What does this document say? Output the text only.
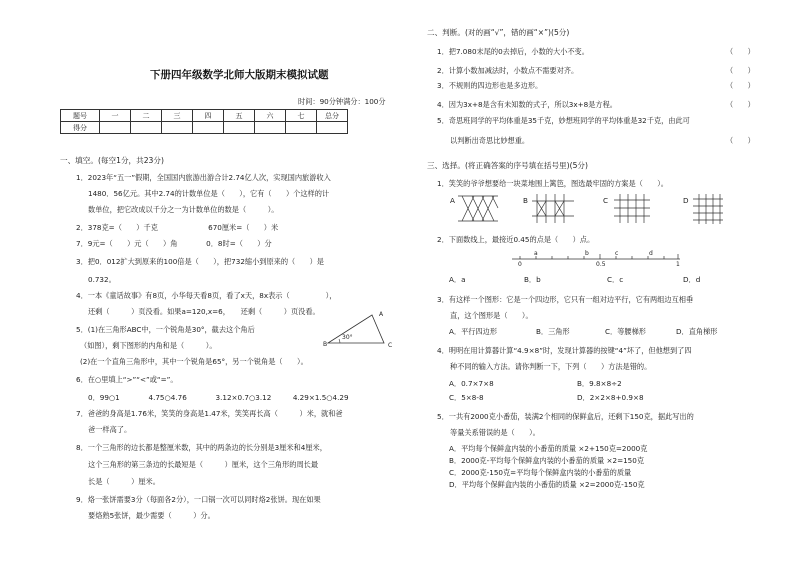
下册四年级数学北师大版期末模拟试题
时间：90分钟满分：100分
题号	一	二	三	四	五	六	七	总分
得分								
一、填空。(每空1分，共23分)
1．2023年“五一”假期，全国国内旅游出游合计2.74亿人次，实现国内旅游收入
1480．56亿元。其中2.74的计数单位是（　　），它有（　　）个这样的计
数单位，把它改成以千分之一为计数单位的数是（　　　）。
2．378克=（　　）千克　　　　　　　670厘米=（　　）米
7．9元=（　　）元（　　）角　　　　0．8时=（　　）分
3．把0．012扩大到原来的100倍是（　　），把732缩小到原来的（　　）是
0.732。
4．一本《童话故事》有8页，小华每天看8页，看了x天，8x表示（　　　　　），
还剩（　　　）页没看。如果a=120,x=6，　　还剩（　　　）页没看。
5．(1)在三角形ABC中，一个锐角是30°，截去这个角后
（如图），剩下图形的内角和是（　　　）。
(2)在一个直角三角形中，其中一个锐角是65°，另一个锐角是（　　）。
6．在○里填上“>”“<”或“=”。
0．99○1　　　　4.75○4.76　　　　3.12×0.7○3.12　　　4.29×1.5○4.29
7．爸爸的身高是1.76米，笑笑的身高是1.47米，笑笑再长高（　　　）米，就和爸
爸一样高了。
8．一个三角形的边长都是整厘米数，其中的两条边的长分别是3厘米和4厘米，
这个三角形的第三条边的长最短是（　　　）厘米，这个三角形的周长最
长是（　　　）厘米。
9．烙一张饼需要3分（每面各2分），一口锅一次可以同时烙2张饼。现在如果
要烙熟5张饼，最少需要（　　　）分。
A
B	C
30°
二、判断。(对的画“√”，错的画“×”)(5分)
1．把7.080末尾的0去掉后，小数的大小不变。
2．计算小数加减法时，小数点不需要对齐。
3．不规则的四边形也是多边形。
4．因为3x+8是含有未知数的式子，所以3x+8是方程。
5．奇思班同学的平均体重是35千克，妙想班同学的平均体重是32千克，由此可
以判断出奇思比妙想重。
（　　）
（　　）
（　　）
（　　）
（　　）
三、选择。(将正确答案的序号填在括号里)(5分)
1．笑笑的爷爷想要给一块菜地围上篱笆，图选最牢固的方案是（　　）。
A	B	C	D
2．下面数线上，最接近0.45的点是（　　）点。
a	b	c	d
0	0.5	1
A．a	B．b	C．c	D．d
3．有这样一个图形：它是一个四边形，它只有一组对边平行，它有两组边互相垂
直，这个图形是（　　）。
A．平行四边形	B．三角形	C．等腰梯形	D．直角梯形
4．明明在用计算器计算“4.9×8”时，发现计算器的按键“4”坏了，但他想到了四
种不同的输入方法。请你判断一下，下列（　　）方法是错的。
A．0.7×7×8	B．9.8×8÷2
C．5×8-8	D．2×2×8+0.9×8
5．一共有2000克小番茄，装满2个相同的保鲜盒后，还剩下150克，据此写出的
等量关系错误的是（　　）。
A．平均每个保鲜盒内装的小番茄的质量 ×2+150克=2000克
B．2000克-平均每个保鲜盒内装的小番茄的质量 ×2=150克
C．2000克-150克=平均每个保鲜盒内装的小番茄的质量
D．平均每个保鲜盒内装的小番茄的质量 ×2=2000克-150克
